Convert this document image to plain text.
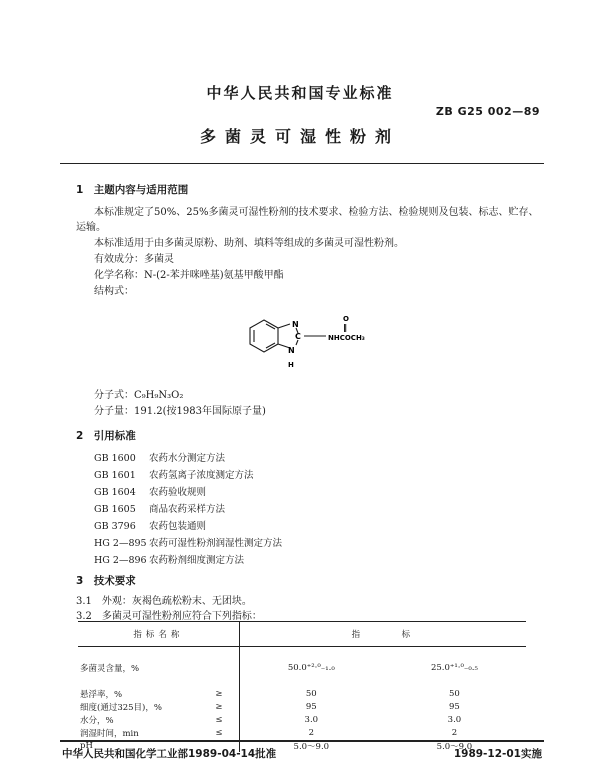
中华人民共和国专业标准
ZB G25 002—89
多菌灵可湿性粉剂
1　主题内容与适用范围
本标准规定了50%、25%多菌灵可湿性粉剂的技术要求、检验方法、检验规则及包装、标志、贮存、运输。
本标准适用于由多菌灵原粉、助剂、填料等组成的多菌灵可湿性粉剂。
有效成分：多菌灵
化学名称：N-(2-苯并咪唑基)氨基甲酸甲酯
结构式：
N
C
N
H
O
‖
NHCOCH₃
分子式：C₉H₉N₃O₂
分子量：191.2(按1983年国际原子量)
2　引用标准
GB 1600 农药水分测定方法
GB 1601 农药氢离子浓度测定方法
GB 1604 农药验收规则
GB 1605 商品农药采样方法
GB 3796 农药包装通则
HG 2—895 农药可湿性粉剂润湿性测定方法
HG 2—896 农药粉剂细度测定方法
3　技术要求
3.1　外观：灰褐色疏松粉末、无团块。
3.2　多菌灵可湿性粉剂应符合下列指标：
指标名称		指　　　标	
多菌灵含量，%		50.0⁺²·⁰₋₁.₀	25.0⁺¹·⁰₋₀.₅

悬浮率，%	≥	50	50
细度(通过325目)，%	≥	95	95
水分，%	≤	3.0	3.0
润湿时间，min	≤	2	2
pH		5.0～9.0	5.0～9.0
中华人民共和国化学工业部1989-04-14批准	1989-12-01实施
